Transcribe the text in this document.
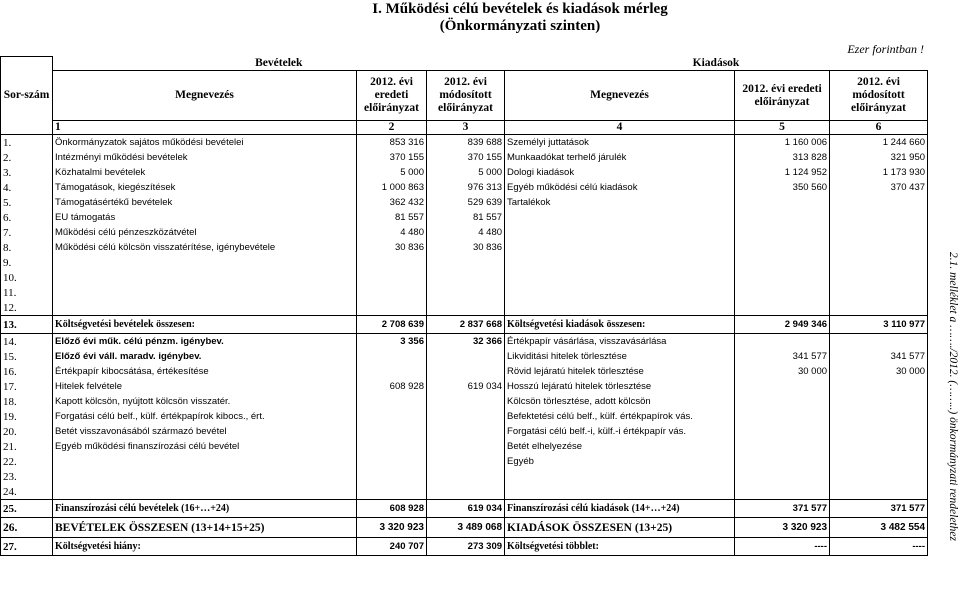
I. Működési célú bevételek és kiadások mérleg
(Önkormányzati szinten)
Ezer forintban !
2.1. melléklet a ……./2012. (……..) önkormányzati rendelethez
Sor-szám	Bevételek			Kiadások			
	Megnevezés	2012. évi eredeti előirányzat	2012. évi módosított előirányzat	Megnevezés	2012. évi eredeti előirányzat	2012. évi módosított előirányzat	
	1	2	3	4	5	6	
1.	Önkormányzatok sajátos működési bevételei	853 316	839 688	Személyi juttatások	1 160 006	1 244 660	
2.	Intézményi működési bevételek	370 155	370 155	Munkaadókat terhelő járulék	313 828	321 950	
3.	Közhatalmi bevételek	5 000	5 000	Dologi kiadások	1 124 952	1 173 930	
4.	Támogatások, kiegészítések	1 000 863	976 313	Egyéb működési célú kiadások	350 560	370 437	
5.	Támogatásértékű bevételek	362 432	529 639	Tartalékok			
6.	EU támogatás	81 557	81 557				
7.	Működési célú pénzeszközátvétel	4 480	4 480				
8.	Működési célú kölcsön visszatérítése, igénybevétele	30 836	30 836				
9.							
10.							
11.							
12.							
13.	Költségvetési bevételek összesen:	2 708 639	2 837 668	Költségvetési kiadások összesen:	2 949 346	3 110 977	
14.	Előző évi műk. célú pénzm. igénybev.	3 356	32 366	Értékpapír vásárlása, visszavásárlása			
15.	Előző évi váll. maradv. igénybev.			Likviditási hitelek törlesztése	341 577	341 577	
16.	Értékpapír kibocsátása, értékesítése			Rövid lejáratú hitelek törlesztése	30 000	30 000	
17.	Hitelek felvétele	608 928	619 034	Hosszú lejáratú hitelek törlesztése			
18.	Kapott kölcsön, nyújtott kölcsön visszatér.			Kölcsön törlesztése, adott kölcsön			
19.	Forgatási célú belf., külf. értékpapírok kibocs., ért.			Befektetési célú belf., külf. értékpapírok vás.			
20.	Betét visszavonásából származó bevétel			Forgatási célú belf.-i, külf.-i értékpapír vás.			
21.	Egyéb működési finanszírozási célú bevétel			Betét elhelyezése			
22.				Egyéb			
23.							
24.							
25.	Finanszírozási célú bevételek (16+…+24)	608 928	619 034	Finanszírozási célú kiadások (14+…+24)	371 577	371 577	
26.	BEVÉTELEK ÖSSZESEN (13+14+15+25)	3 320 923	3 489 068	KIADÁSOK ÖSSZESEN (13+25)	3 320 923	3 482 554	
27.	Költségvetési hiány:	240 707	273 309	Költségvetési többlet:	----	----	
